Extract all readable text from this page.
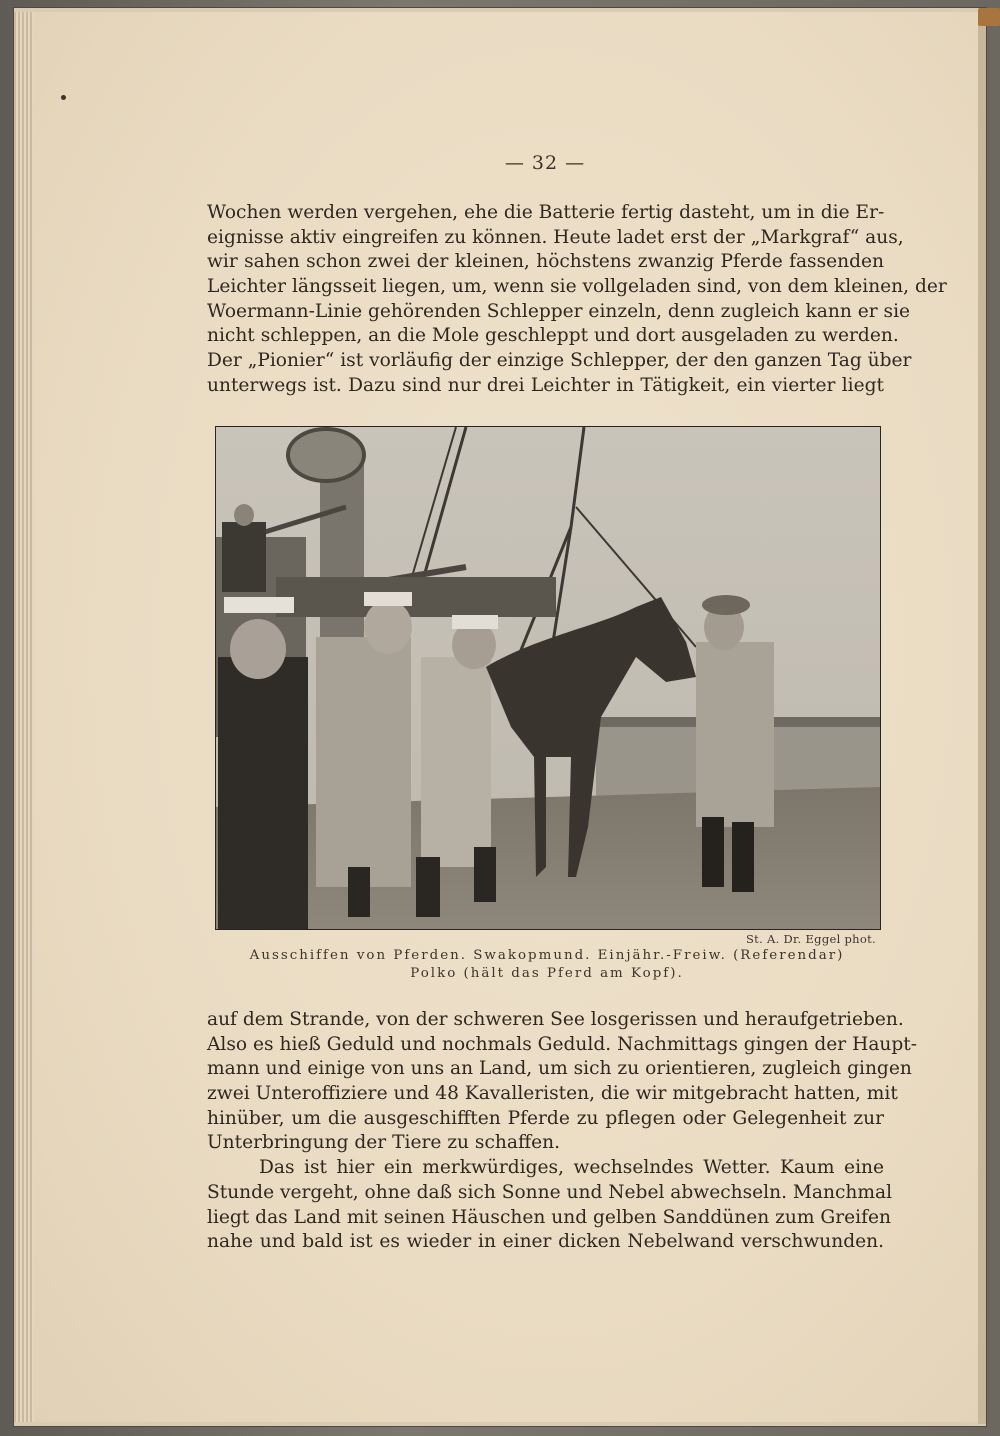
— 32 —
Wochen werden vergehen, ehe die Batterie fertig dasteht, um in die Er-
eignisse aktiv eingreifen zu können. Heute ladet erst der „Markgraf“ aus,
wir sahen schon zwei der kleinen, höchstens zwanzig Pferde fassenden
Leichter längsseit liegen, um, wenn sie vollgeladen sind, von dem kleinen, der
Woermann-Linie gehörenden Schlepper einzeln, denn zugleich kann er sie
nicht schleppen, an die Mole geschleppt und dort ausgeladen zu werden.
Der „Pionier“ ist vorläufig der einzige Schlepper, der den ganzen Tag über
unterwegs ist. Dazu sind nur drei Leichter in Tätigkeit, ein vierter liegt
St. A. Dr. Eggel phot.
Ausschiffen von Pferden. Swakopmund. Einjähr.-Freiw. (Referendar)
Polko (hält das Pferd am Kopf).
auf dem Strande, von der schweren See losgerissen und heraufgetrieben.
Also es hieß Geduld und nochmals Geduld. Nachmittags gingen der Haupt-
mann und einige von uns an Land, um sich zu orientieren, zugleich gingen
zwei Unteroffiziere und 48 Kavalleristen, die wir mitgebracht hatten, mit
hinüber, um die ausgeschifften Pferde zu pflegen oder Gelegenheit zur
Unterbringung der Tiere zu schaffen.
Das ist hier ein merkwürdiges, wechselndes Wetter. Kaum eine
Stunde vergeht, ohne daß sich Sonne und Nebel abwechseln. Manchmal
liegt das Land mit seinen Häuschen und gelben Sanddünen zum Greifen
nahe und bald ist es wieder in einer dicken Nebelwand verschwunden.
